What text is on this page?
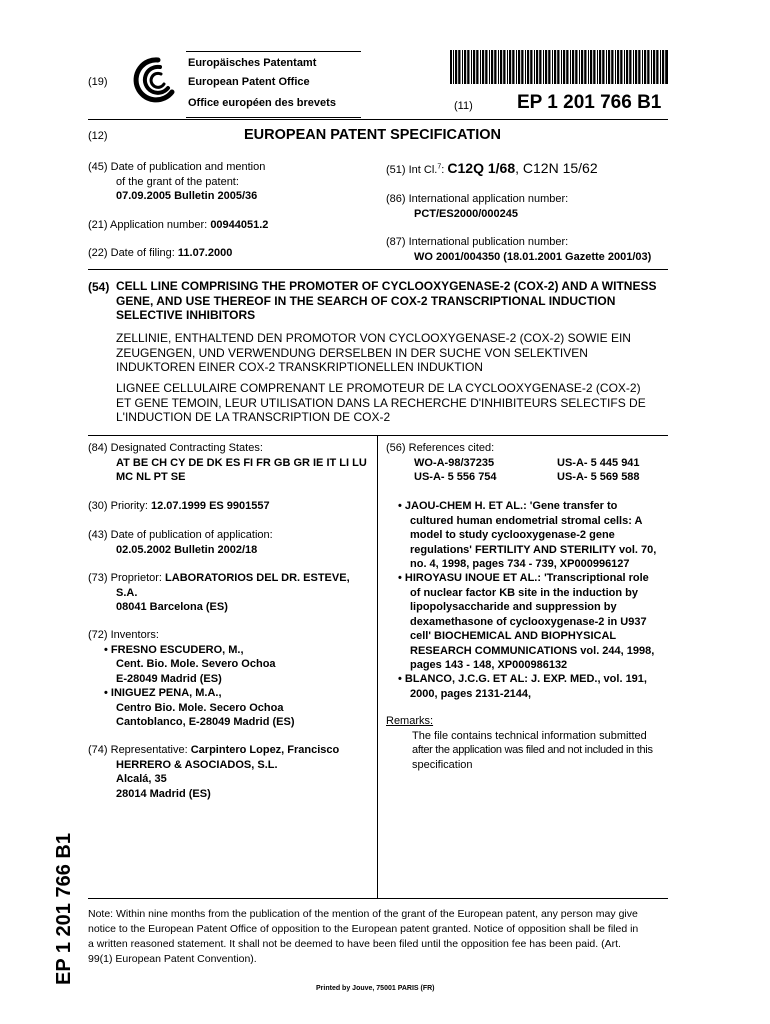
(19)
Europäisches Patentamt
European Patent Office
Office européen des brevets	(11) EP 1 201 766 B1
(12)	EUROPEAN PATENT SPECIFICATION
(45) Date of publication and mention
of the grant of the patent:
07.09.2005 Bulletin 2005/36
(21) Application number: 00944051.2
(22) Date of filing: 11.07.2000
(51) Int Cl.$^7$: C12Q 1/68, C12N 15/62
(86) International application number:
PCT/ES2000/000245
(87) International publication number:
WO 2001/004350 (18.01.2001 Gazette 2001/03)
(54) CELL LINE COMPRISING THE PROMOTER OF CYCLOOXYGENASE-2 (COX-2) AND A WITNESS
GENE, AND USE THEREOF IN THE SEARCH OF COX-2 TRANSCRIPTIONAL INDUCTION
SELECTIVE INHIBITORS
ZELLINIE, ENTHALTEND DEN PROMOTOR VON CYCLOOXYGENASE-2 (COX-2) SOWIE EIN
ZEUGENGEN, UND VERWENDUNG DERSELBEN IN DER SUCHE VON SELEKTIVEN
INDUKTOREN EINER COX-2 TRANSKRIPTIONELLEN INDUKTION
LIGNEE CELLULAIRE COMPRENANT LE PROMOTEUR DE LA CYCLOOXYGENASE-2 (COX-2)
ET GENE TEMOIN, LEUR UTILISATION DANS LA RECHERCHE D'INHIBITEURS SELECTIFS DE
L'INDUCTION DE LA TRANSCRIPTION DE COX-2
(84) Designated Contracting States:
AT BE CH CY DE DK ES FI FR GB GR IE IT LI LU
MC NL PT SE
(30) Priority: 12.07.1999 ES 9901557
(43) Date of publication of application:
02.05.2002 Bulletin 2002/18
(73) Proprietor: LABORATORIOS DEL DR. ESTEVE,
S.A.
08041 Barcelona (ES)
(72) Inventors:
• FRESNO ESCUDERO, M.,
Cent. Bio. Mole. Severo Ochoa
E-28049 Madrid (ES)
• INIGUEZ PENA, M.A.,
Centro Bio. Mole. Secero Ochoa
Cantoblanco, E-28049 Madrid (ES)
(74) Representative: Carpintero Lopez, Francisco
HERRERO & ASOCIADOS, S.L.
Alcalá, 35
28014 Madrid (ES)
(56) References cited:
WO-A-98/37235	US-A- 5 445 941
US-A- 5 556 754	US-A- 5 569 588
• JAOU-CHEM H. ET AL.: 'Gene transfer to
cultured human endometrial stromal cells: A
model to study cyclooxygenase-2 gene
regulations' FERTILITY AND STERILITY vol. 70,
no. 4, 1998, pages 734 - 739, XP000996127
• HIROYASU INOUE ET AL.: 'Transcriptional role
of nuclear factor KB site in the induction by
lipopolysaccharide and suppression by
dexamethasone of cyclooxygenase-2 in U937
cell' BIOCHEMICAL AND BIOPHYSICAL
RESEARCH COMMUNICATIONS vol. 244, 1998,
pages 143 - 148, XP000986132
• BLANCO, J.C.G. ET AL: J. EXP. MED., vol. 191,
2000, pages 2131-2144,
Remarks:
The file contains technical information submitted
after the application was filed and not included in this
specification
EP 1 201 766 B1 Note: Within nine months from the publication of the mention of the grant of the European patent, any person may give
notice to the European Patent Office of opposition to the European patent granted. Notice of opposition shall be filed in
a written reasoned statement. It shall not be deemed to have been filed until the opposition fee has been paid. (Art.
99(1) European Patent Convention).
Printed by Jouve, 75001 PARIS (FR)
